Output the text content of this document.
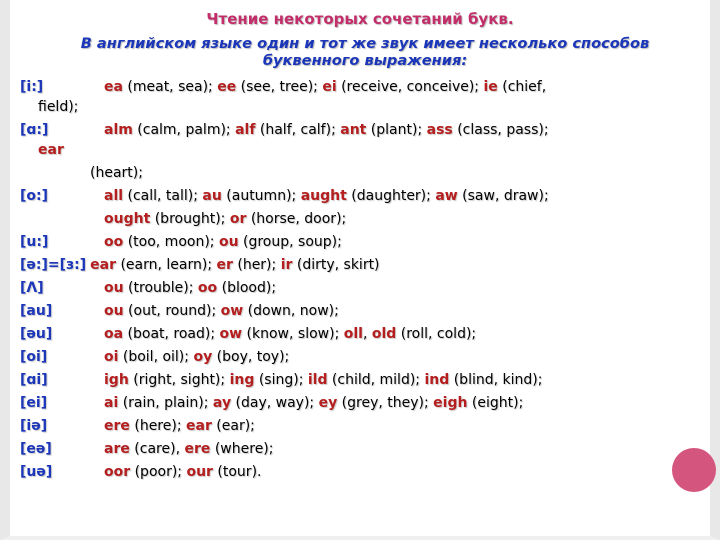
Чтение некоторых сочетаний букв.
В английском языке один и тот же звук имеет несколько способов буквенного выражения:
[i:]	ea (meat, sea); ee (see, tree); ei (receive, conceive); ie (chief,
field);
[ɑ:]	alm (calm, palm); alf (half, calf); ant (plant); ass (class, pass);
ear
(heart);
[o:]	all (call, tall); au (autumn); aught (daughter); aw (saw, draw);
ought (brought); or (horse, door);
[u:]	oo (too, moon); ou (group, soup);
[ə:]=[з:] ear (earn, learn); er (her); ir (dirty, skirt)
[Λ]	ou (trouble); oo (blood);
[au]	ou (out, round); ow (down, now);
[əu]	oa (boat, road); ow (know, slow); oll, old (roll, cold);
[oi]	oi (boil, oil); oy (boy, toy);
[ɑi]	igh (right, sight); ing (sing); ild (child, mild); ind (blind, kind);
[ei]	ai (rain, plain); ay (day, way); ey (grey, they); eigh (eight);
[iə]	ere (here); ear (ear);
[eə]	are (care), ere (where);
[uə]	oor (poor); our (tour).
